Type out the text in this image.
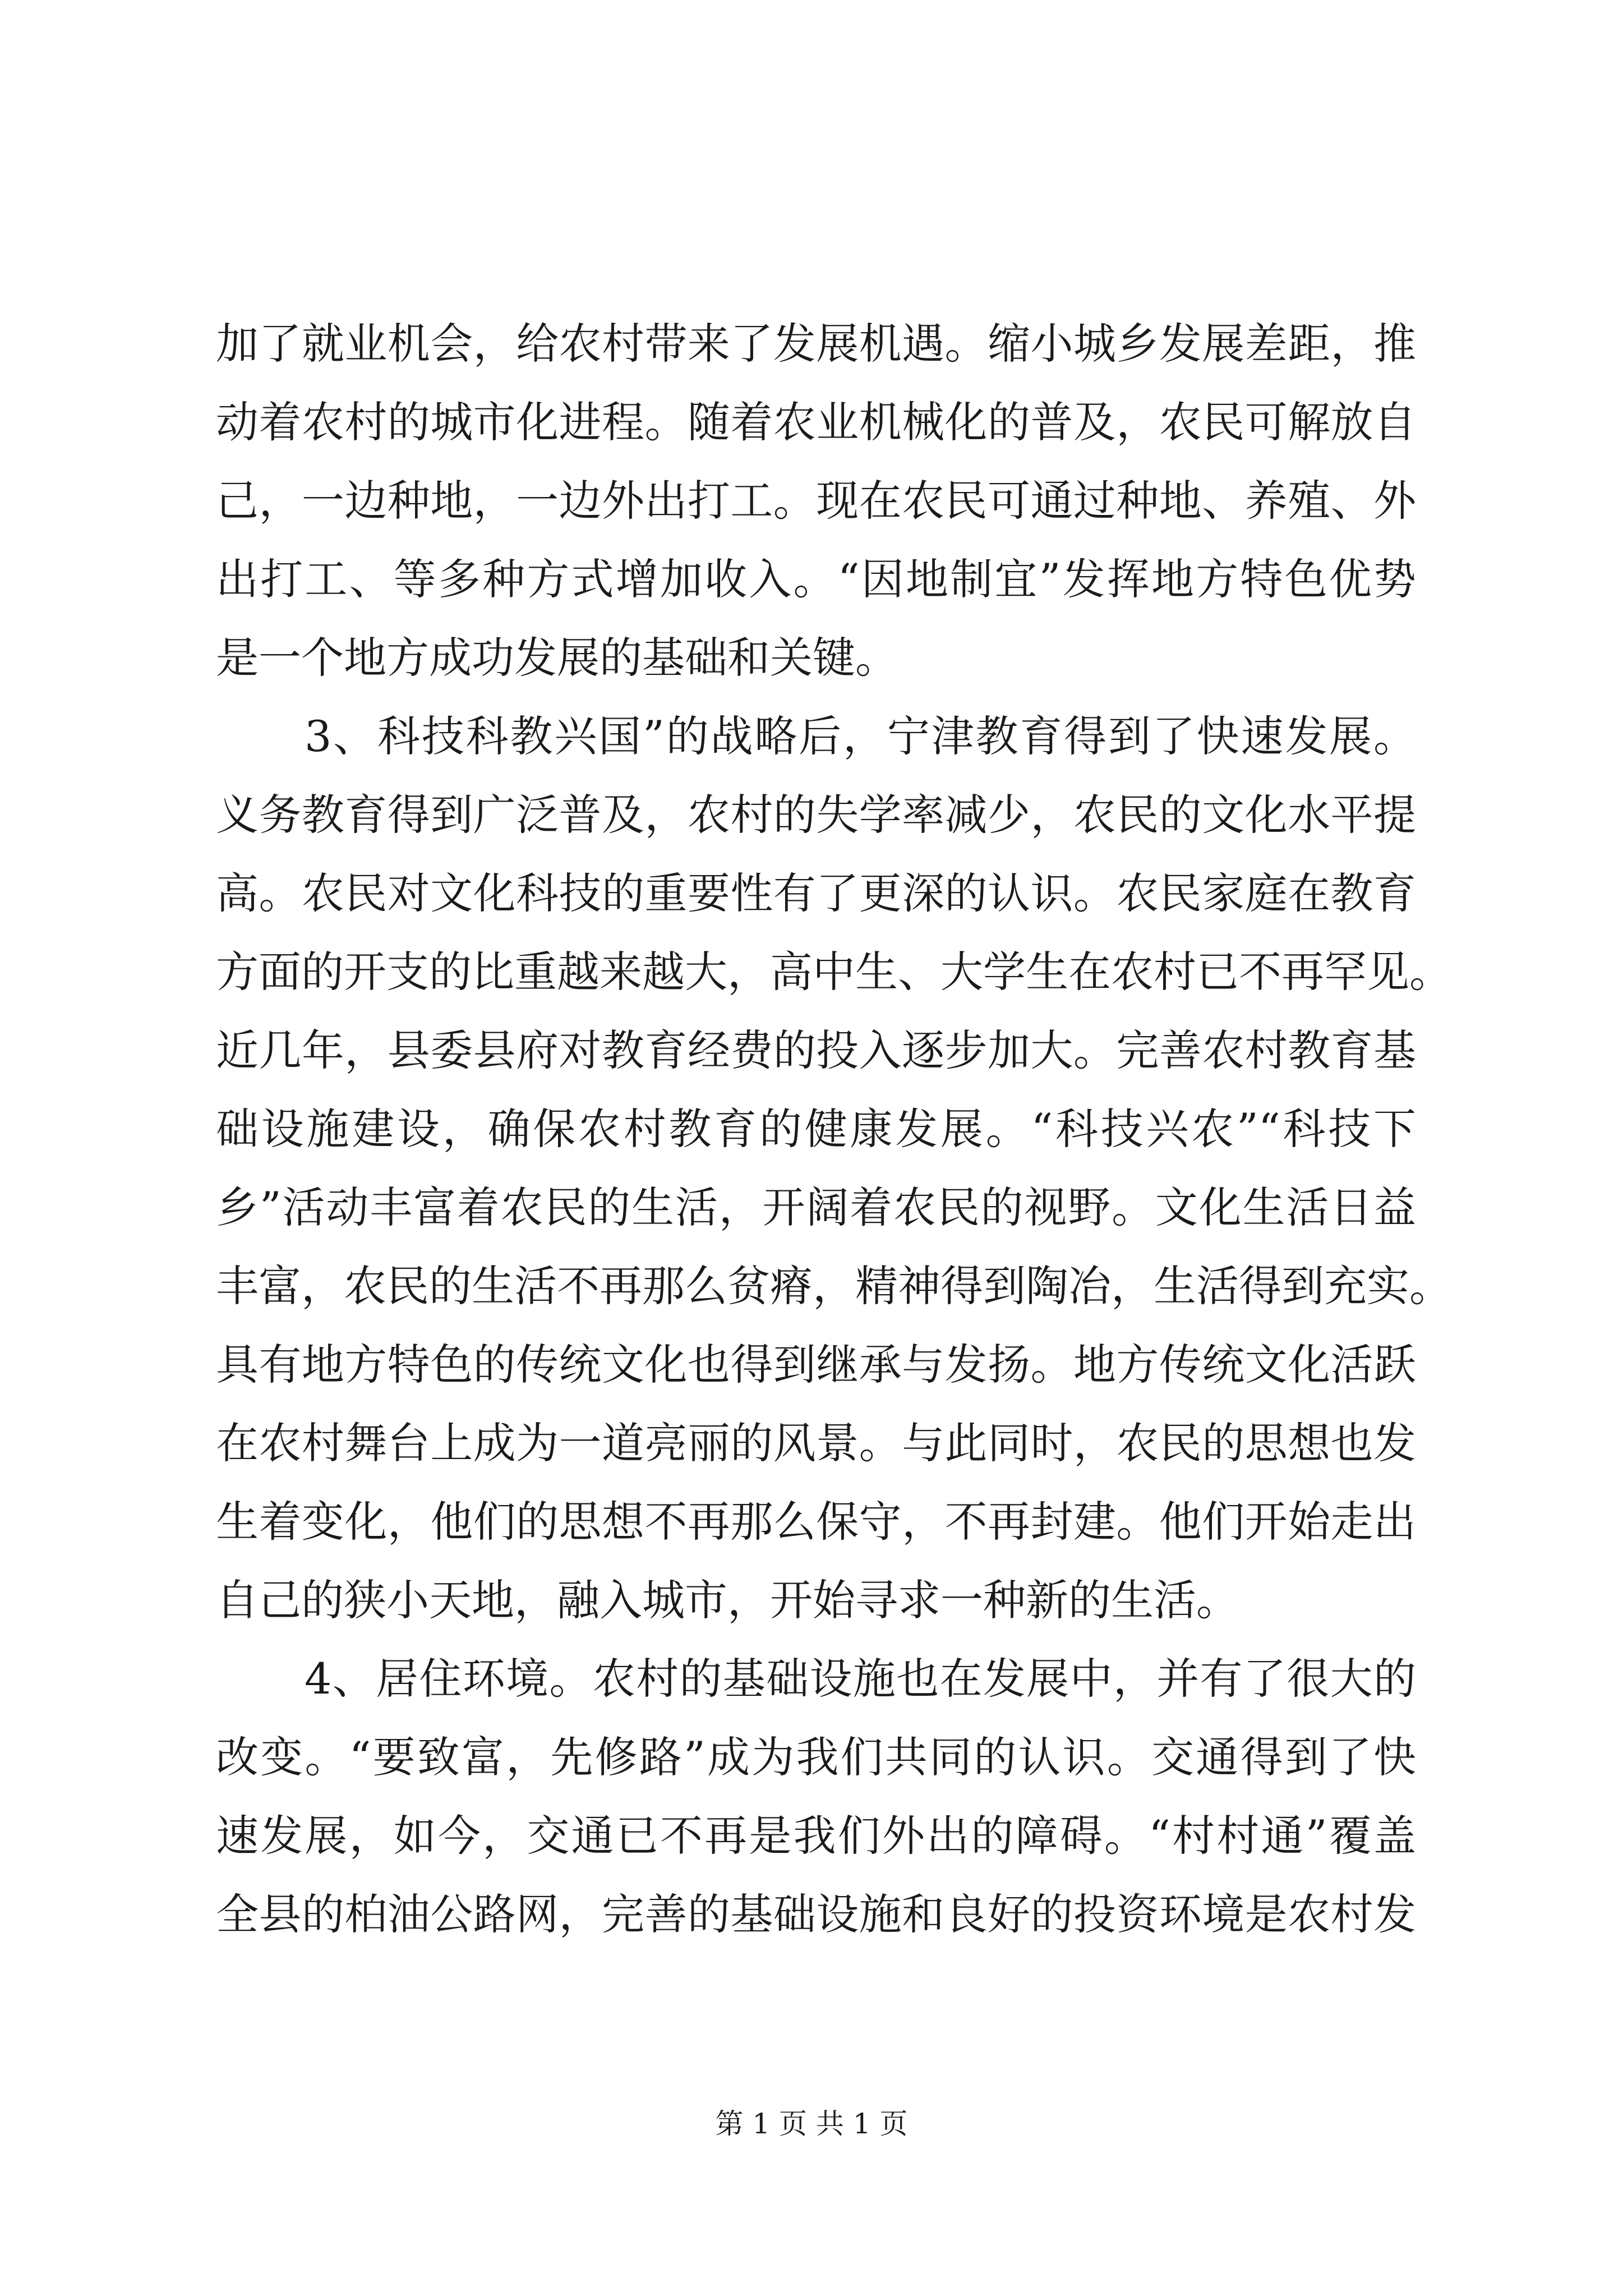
加了就业机会，给农村带来了发展机遇。缩小城乡发展差距，推
动着农村的城市化进程。随着农业机械化的普及，农民可解放自
己，一边种地，一边外出打工。现在农民可通过种地、养殖、外
出打工、等多种方式增加收入。“因地制宜”发挥地方特色优势
是一个地方成功发展的基础和关键。
3、科技科教兴国”的战略后，宁津教育得到了快速发展。
义务教育得到广泛普及，农村的失学率减少，农民的文化水平提
高。农民对文化科技的重要性有了更深的认识。农民家庭在教育
方面的开支的比重越来越大，高中生、大学生在农村已不再罕见。
近几年，县委县府对教育经费的投入逐步加大。完善农村教育基
础设施建设，确保农村教育的健康发展。“科技兴农”“科技下
乡”活动丰富着农民的生活，开阔着农民的视野。文化生活日益
丰富，农民的生活不再那么贫瘠，精神得到陶冶，生活得到充实。
具有地方特色的传统文化也得到继承与发扬。地方传统文化活跃
在农村舞台上成为一道亮丽的风景。与此同时，农民的思想也发
生着变化，他们的思想不再那么保守，不再封建。他们开始走出
自己的狭小天地，融入城市，开始寻求一种新的生活。
4、居住环境。农村的基础设施也在发展中，并有了很大的
改变。“要致富，先修路”成为我们共同的认识。交通得到了快
速发展，如今，交通已不再是我们外出的障碍。“村村通”覆盖
全县的柏油公路网，完善的基础设施和良好的投资环境是农村发
第 1 页 共 1 页
